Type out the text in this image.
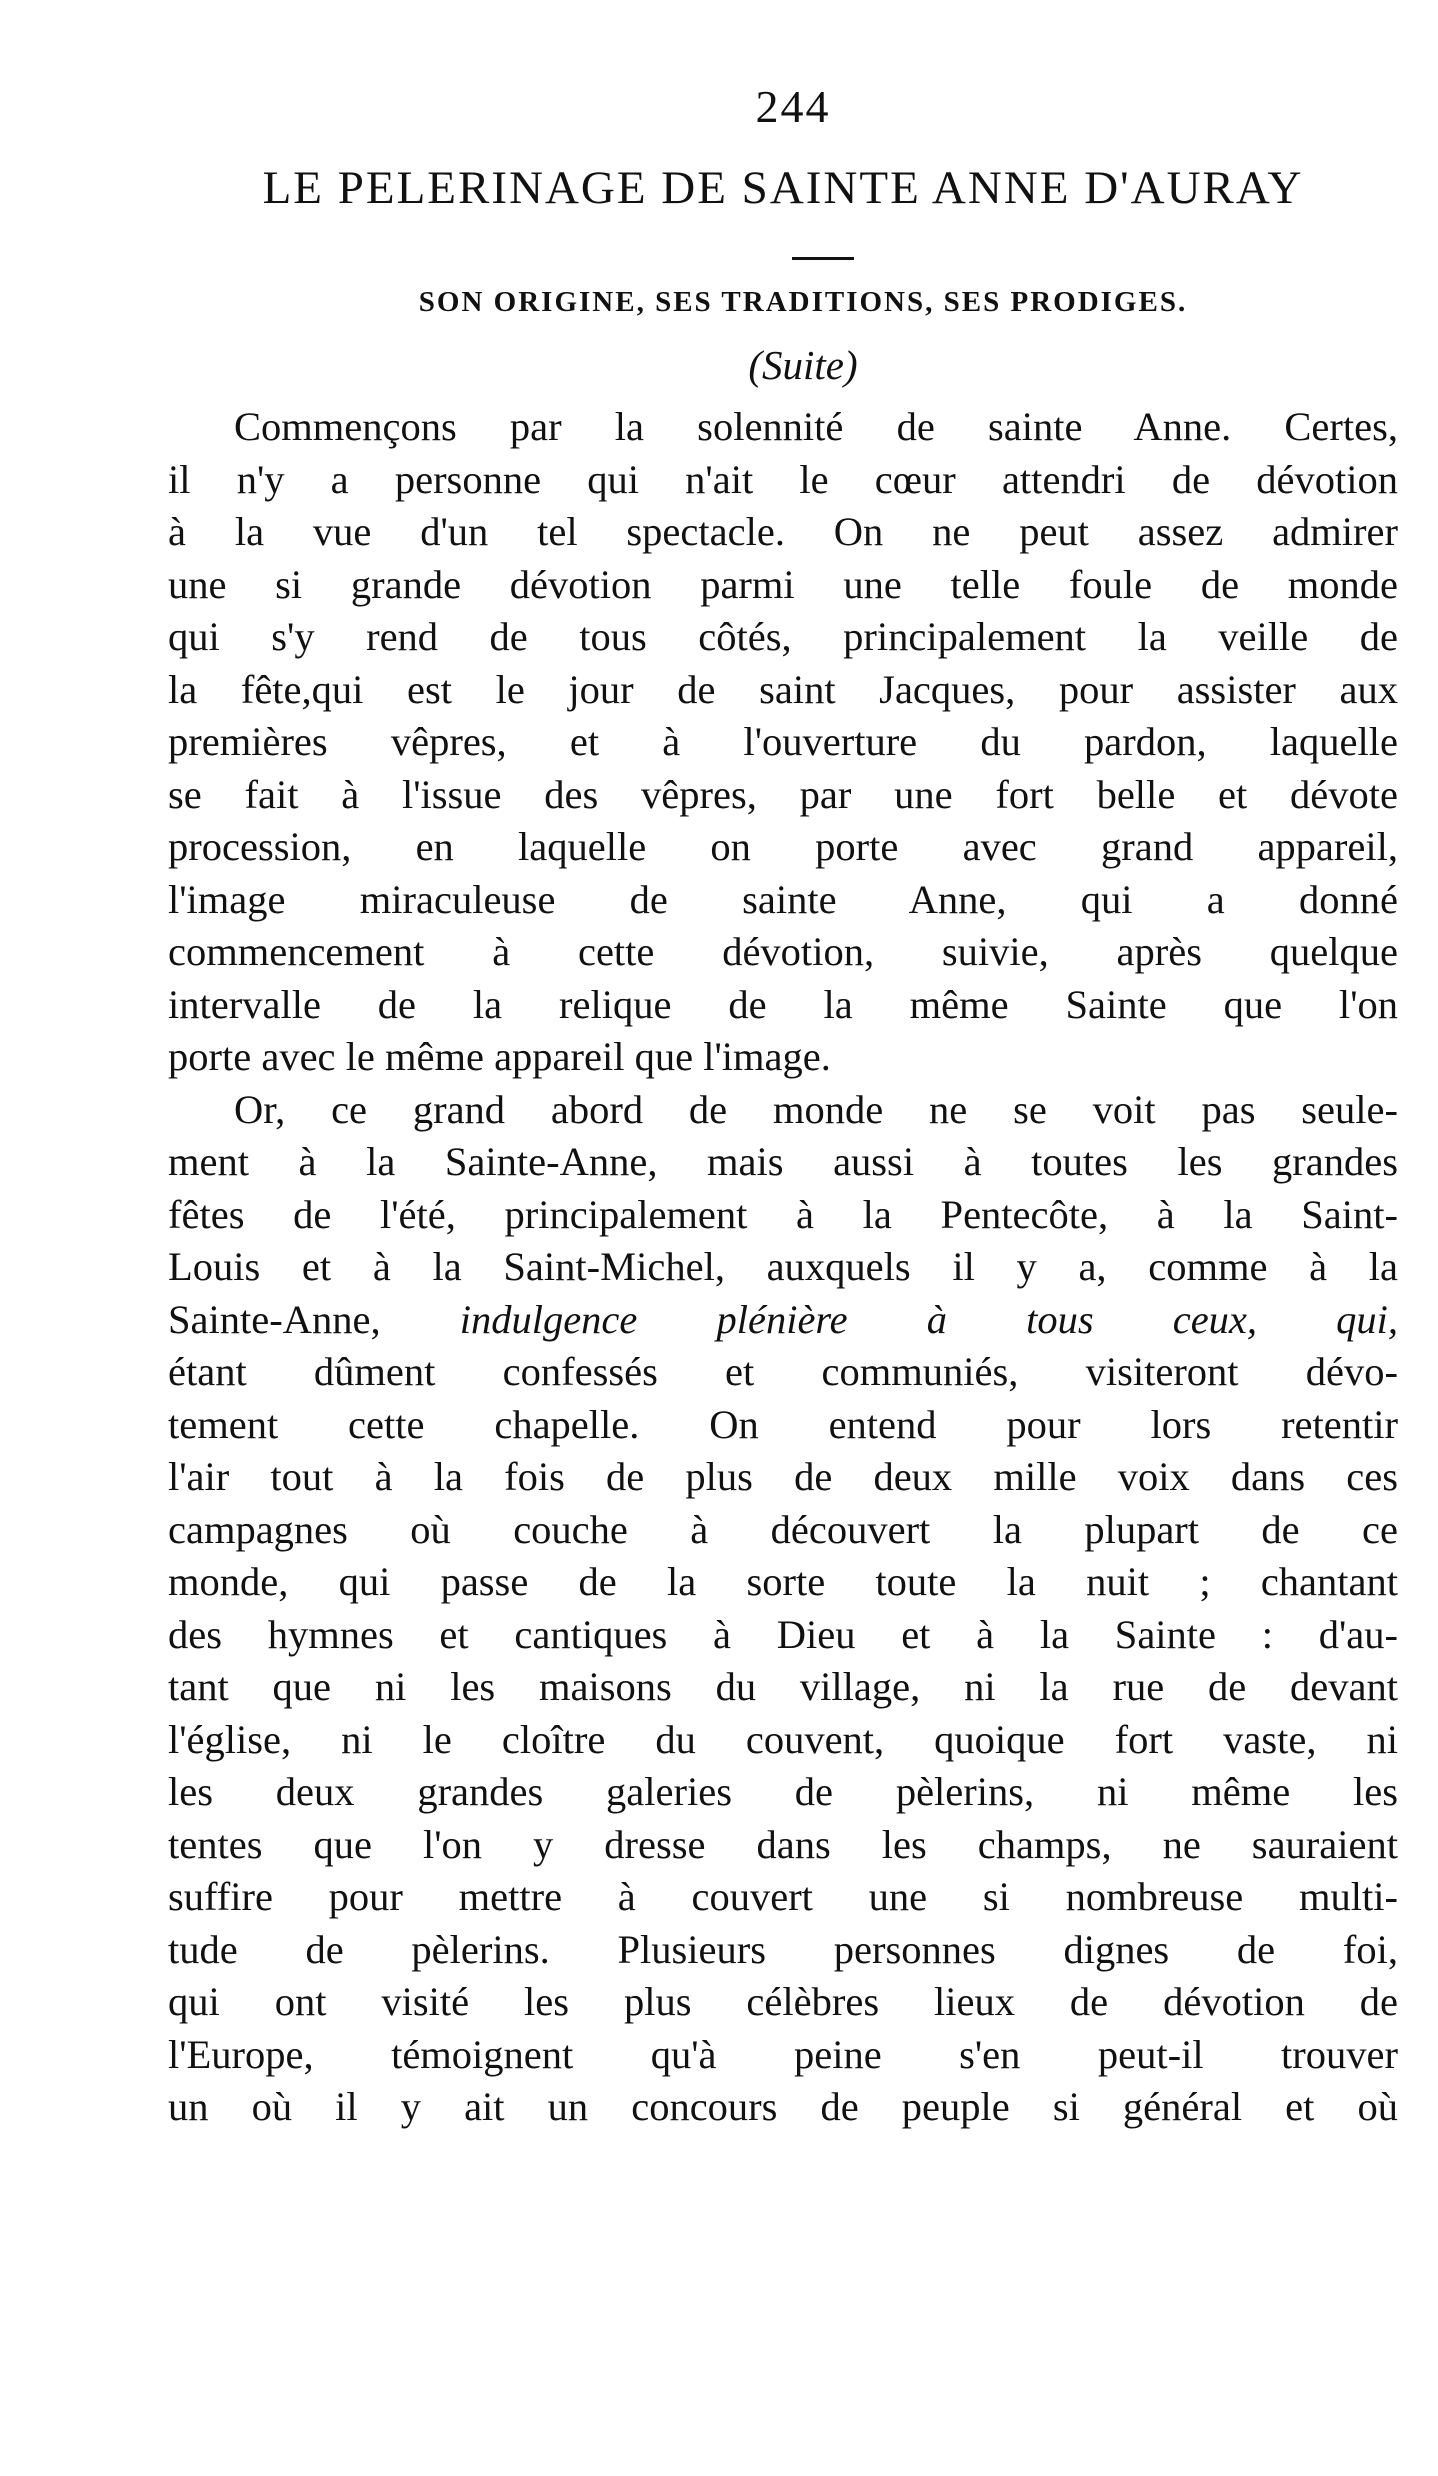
244
LE PELERINAGE DE SAINTE ANNE D'AURAY
SON ORIGINE, SES TRADITIONS, SES PRODIGES.
(Suite)
Commençons par la solennité de sainte Anne. Certes,
il n'y a personne qui n'ait le cœur attendri de dévotion
à la vue d'un tel spectacle. On ne peut assez admirer
une si grande dévotion parmi une telle foule de monde
qui s'y rend de tous côtés, principalement la veille de
la fête,qui est le jour de saint Jacques, pour assister aux
premières vêpres, et à l'ouverture du pardon, laquelle
se fait à l'issue des vêpres, par une fort belle et dévote
procession, en laquelle on porte avec grand appareil,
l'image miraculeuse de sainte Anne, qui a donné
commencement à cette dévotion, suivie, après quelque
intervalle de la relique de la même Sainte que l'on
porte avec le même appareil que l'image.
Or, ce grand abord de monde ne se voit pas seule-
ment à la Sainte-Anne, mais aussi à toutes les grandes
fêtes de l'été, principalement à la Pentecôte, à la Saint-
Louis et à la Saint-Michel, auxquels il y a, comme à la
Sainte-Anne, indulgence plénière à tous ceux, qui,
étant dûment confessés et communiés, visiteront dévo-
tement cette chapelle. On entend pour lors retentir
l'air tout à la fois de plus de deux mille voix dans ces
campagnes où couche à découvert la plupart de ce
monde, qui passe de la sorte toute la nuit ; chantant
des hymnes et cantiques à Dieu et à la Sainte : d'au-
tant que ni les maisons du village, ni la rue de devant
l'église, ni le cloître du couvent, quoique fort vaste, ni
les deux grandes galeries de pèlerins, ni même les
tentes que l'on y dresse dans les champs, ne sauraient
suffire pour mettre à couvert une si nombreuse multi-
tude de pèlerins. Plusieurs personnes dignes de foi,
qui ont visité les plus célèbres lieux de dévotion de
l'Europe, témoignent qu'à peine s'en peut-il trouver
un où il y ait un concours de peuple si général et où
